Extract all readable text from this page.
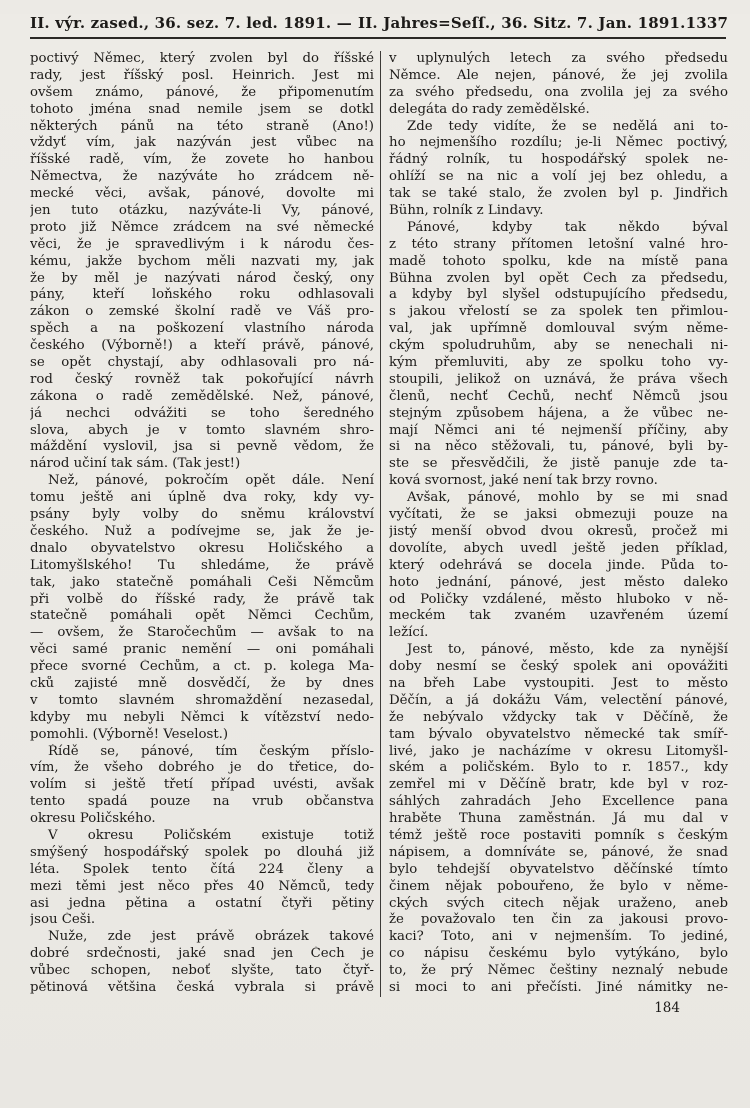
II. výr. zased., 36. sez. 7. led. 1891. — II. Jahres=Seſſ., 36. Sitz. 7. Jan. 1891. 1337
poctivý Němec, který zvolen byl do říšské
rady, jest říšský posl. Heinrich. Jest mi
ovšem známo, pánové, že připomenutím
tohoto jména snad nemile jsem se dotkl
některých pánů na této straně (Ano!)
vždyť vím, jak nazýván jest vůbec na
říšské radě, vím, že zovete ho hanbou
Němectva, že nazýváte ho zrádcem ně-
mecké věci, avšak, pánové, dovolte mi
jen tuto otázku, nazýváte-li Vy, pánové,
proto již Němce zrádcem na své německé
věci, že je spravedlivým i k národu čes-
kému, jakže bychom měli nazvati my, jak
že by měl je nazývati národ český, ony
pány, kteří loňského roku odhlasovali
zákon o zemské školní radě ve Váš pro-
spěch a na poškození vlastního národa
českého (Výborně!) a kteří právě, pánové,
se opět chystají, aby odhlasovali pro ná-
rod český rovněž tak pokořující návrh
zákona o radě zemědělské. Než, pánové,
já nechci odvážiti se toho šeredného
slova, abych je v tomto slavném shro-
máždění vyslovil, jsa si pevně vědom, že
národ učiní tak sám. (Tak jest!)
Než, pánové, pokročím opět dále. Není
tomu ještě ani úplně dva roky, kdy vy-
psány byly volby do sněmu království
českého. Nuž a podívejme se, jak že je-
dnalo obyvatelstvo okresu Holičského a
Litomyšlského! Tu shledáme, že právě
tak, jako statečně pomáhali Češi Němcům
při volbě do říšské rady, že právě tak
statečně pomáhali opět Němci Čechům,
— ovšem, že Staročechům — avšak to na
věci samé pranic nemění — oni pomáhali
přece svorné Čechům, a ct. p. kolega Ma-
cků zajisté mně dosvědčí, že by dnes
v tomto slavném shromaždění nezasedal,
kdyby mu nebyli Němci k vítězství nedo-
pomohli. (Výborně! Veselost.)
Řídě se, pánové, tím českým příslo-
vím, že všeho dobrého je do třetice, do-
volím si ještě třetí případ uvésti, avšak
tento spadá pouze na vrub občanstva
okresu Poličského.
V okresu Poličském existuje totiž
smýšený hospodářský spolek po dlouhá již
léta. Spolek tento čítá 224 členy a
mezi těmi jest něco přes 40 Němců, tedy
asi jedna pětina a ostatní čtyři pětiny
jsou Češi.
Nuže, zde jest právě obrázek takové
dobré srdečnosti, jaké snad jen Čech je
vůbec schopen, neboť slyšte, tato čtyř-
pětinová většina česká vybrala si právě
v uplynulých letech za svého předsedu
Němce. Ale nejen, pánové, že jej zvolila
za svého předsedu, ona zvolila jej za svého
delegáta do rady zemědělské.
Zde tedy vidíte, že se nedělá ani to-
ho nejmenšího rozdílu; je-li Němec poctivý,
řádný rolník, tu hospodářský spolek ne-
ohlíží se na nic a volí jej bez ohledu, a
tak se také stalo, že zvolen byl p. Jindřich
Bühn, rolník z Lindavy.
Pánové, kdyby tak někdo býval
z této strany přítomen letošní valné hro-
madě tohoto spolku, kde na místě pana
Bühna zvolen byl opět Čech za předsedu,
a kdyby byl slyšel odstupujícího předsedu,
s jakou vřelostí se za spolek ten přimlou-
val, jak upřímně domlouval svým něme-
ckým spoludruhům, aby se nenechali ni-
kým přemluviti, aby ze spolku toho vy-
stoupili, jelikož on uznává, že práva všech
členů, nechť Čechů, nechť Němců jsou
stejným způsobem hájena, a že vůbec ne-
mají Němci ani té nejmenší příčiny, aby
si na něco stěžovali, tu, pánové, byli by-
ste se přesvědčili, že jistě panuje zde ta-
ková svornost, jaké není tak brzy rovno.
Avšak, pánové, mohlo by se mi snad
vyčítati, že se jaksi obmezuji pouze na
jistý menší obvod dvou okresů, pročež mi
dovolíte, abych uvedl ještě jeden příklad,
který odehrává se docela jinde. Půda to-
hoto jednání, pánové, jest město daleko
od Poličky vzdálené, město hluboko v ně-
meckém tak zvaném uzavřeném území
ležící.
Jest to, pánové, město, kde za nynější
doby nesmí se český spolek ani opovážiti
na břeh Labe vystoupiti. Jest to město
Děčín, a já dokážu Vám, velectění pánové,
že nebývalo vždycky tak v Děčíně, že
tam bývalo obyvatelstvo německé tak smíř-
livé, jako je nacházíme v okresu Litomyšl-
ském a poličském. Bylo to r. 1857., kdy
zemřel mi v Děčíně bratr, kde byl v roz-
sáhlých zahradách Jeho Excellence pana
hraběte Thuna zaměstnán. Já mu dal v
témž ještě roce postaviti pomník s českým
nápisem, a domníváte se, pánové, že snad
bylo tehdejší obyvatelstvo děčínské tímto
činem nějak pobouřeno, že bylo v něme-
ckých svých citech nějak uraženo, aneb
že považovalo ten čin za jakousi provo-
kaci? Toto, ani v nejmenším. To jediné,
co nápisu českému bylo vytýkáno, bylo
to, že prý Němec češtiny neznalý nebude
si moci to ani přečísti. Jiné námitky ne-
184
